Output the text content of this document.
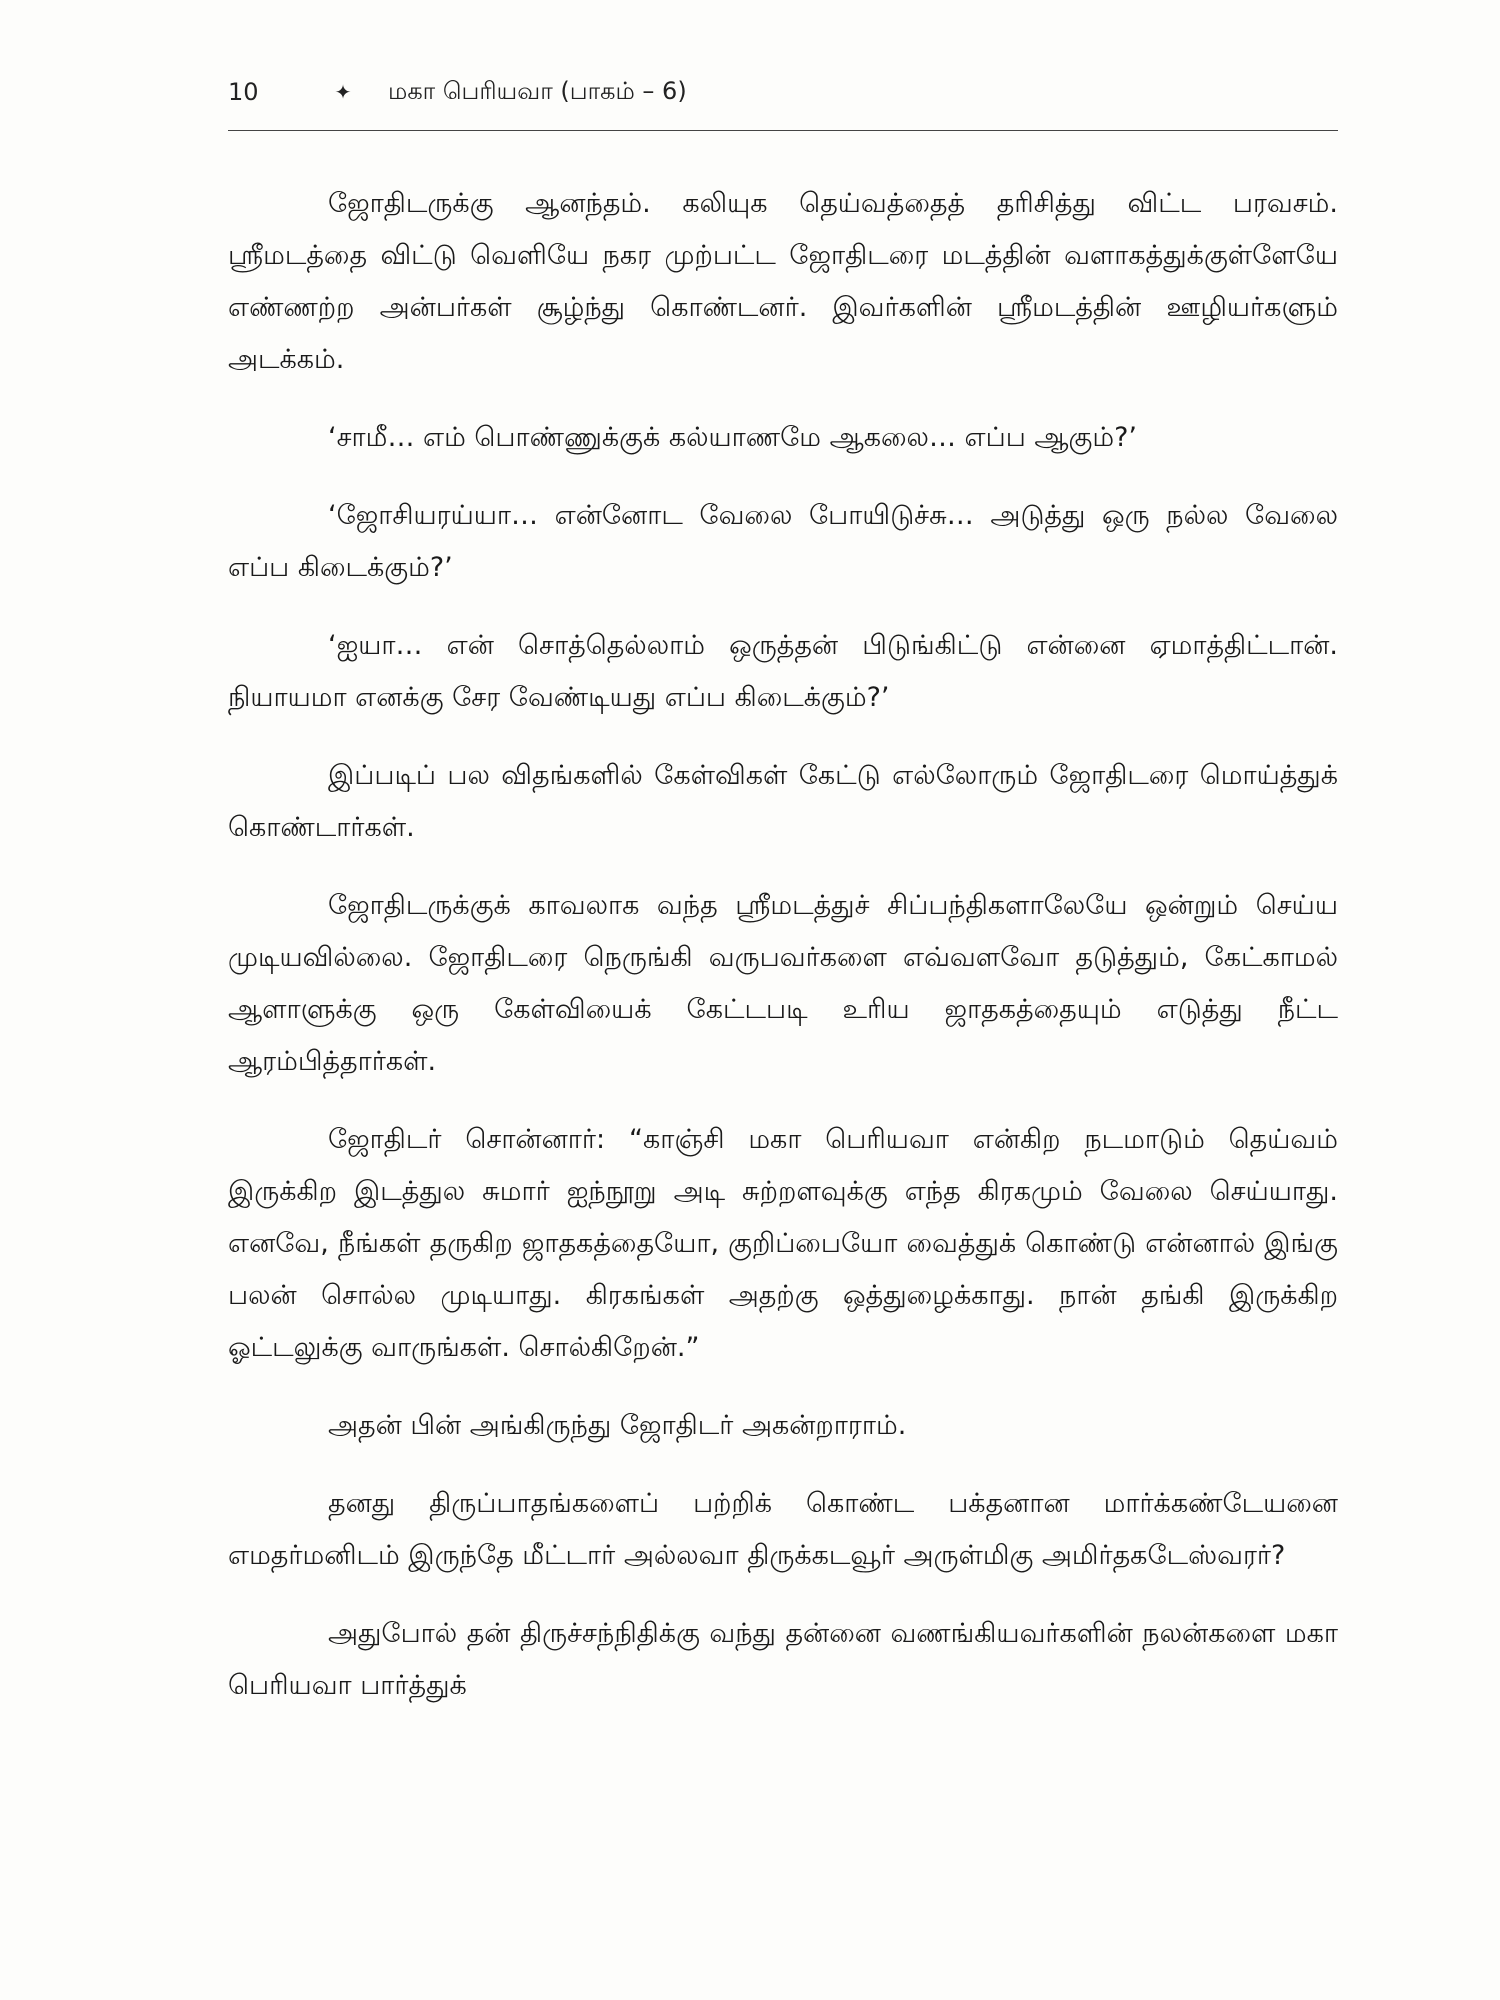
10	✦	மகா பெரியவா (பாகம் – 6)

ஜோதிடருக்கு ஆனந்தம். கலியுக தெய்வத்தைத் தரிசித்து விட்ட பரவசம். ஸ்ரீமடத்தை விட்டு வெளியே நகர முற்பட்ட ஜோதிடரை மடத்தின் வளாகத்துக்குள்ளேயே எண்ணற்ற அன்பர்கள் சூழ்ந்து கொண்டனர். இவர்களின் ஸ்ரீமடத்தின் ஊழியர்களும் அடக்கம்.

‘சாமீ… எம் பொண்ணுக்குக் கல்யாணமே ஆகலை… எப்ப ஆகும்?’

‘ஜோசியரய்யா… என்னோட வேலை போயிடுச்சு… அடுத்து ஒரு நல்ல வேலை எப்ப கிடைக்கும்?’

‘ஐயா… என் சொத்தெல்லாம் ஒருத்தன் பிடுங்கிட்டு என்னை ஏமாத்திட்டான். நியாயமா எனக்கு சேர வேண்டியது எப்ப கிடைக்கும்?’

இப்படிப் பல விதங்களில் கேள்விகள் கேட்டு எல்லோரும் ஜோதிடரை மொய்த்துக் கொண்டார்கள்.

ஜோதிடருக்குக் காவலாக வந்த ஸ்ரீமடத்துச் சிப்பந்திகளாலேயே ஒன்றும் செய்ய முடியவில்லை. ஜோதிடரை நெருங்கி வருபவர்களை எவ்வளவோ தடுத்தும், கேட்காமல் ஆளாளுக்கு ஒரு கேள்வியைக் கேட்டபடி உரிய ஜாதகத்தையும் எடுத்து நீட்ட ஆரம்பித்தார்கள்.

ஜோதிடர் சொன்னார்: “காஞ்சி மகா பெரியவா என்கிற நடமாடும் தெய்வம் இருக்கிற இடத்துல சுமார் ஐந்நூறு அடி சுற்றளவுக்கு எந்த கிரகமும் வேலை செய்யாது. எனவே, நீங்கள் தருகிற ஜாதகத்தையோ, குறிப்பையோ வைத்துக் கொண்டு என்னால் இங்கு பலன் சொல்ல முடியாது. கிரகங்கள் அதற்கு ஒத்துழைக்காது. நான் தங்கி இருக்கிற ஓட்டலுக்கு வாருங்கள். சொல்கிறேன்.”

அதன் பின் அங்கிருந்து ஜோதிடர் அகன்றாராம்.

தனது திருப்பாதங்களைப் பற்றிக் கொண்ட பக்தனான மார்க்கண்டேயனை எமதர்மனிடம் இருந்தே மீட்டார் அல்லவா திருக்கடவூர் அருள்மிகு அமிர்தகடேஸ்வரர்?

அதுபோல் தன் திருச்சந்நிதிக்கு வந்து தன்னை வணங்கியவர்களின் நலன்களை மகா பெரியவா பார்த்துக்
